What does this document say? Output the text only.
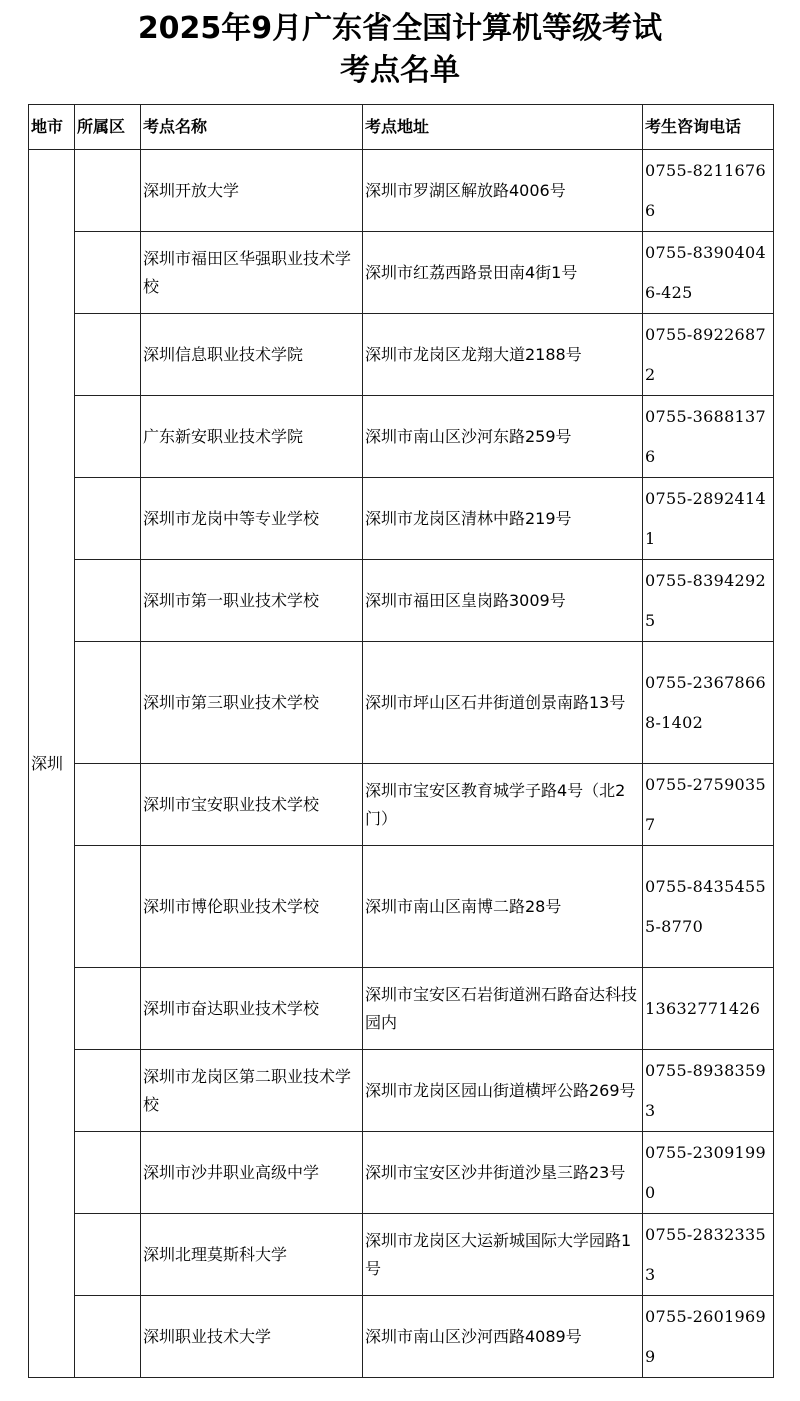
2025年9月广东省全国计算机等级考试
考点名单
地市	所属区	考点名称	考点地址	考生咨询电话
深圳		深圳开放大学	深圳市罗湖区解放路4006号	0755-82116766
		深圳市福田区华强职业技术学校	深圳市红荔西路景田南4街1号	0755-83904046-425
		深圳信息职业技术学院	深圳市龙岗区龙翔大道2188号	0755-89226872
		广东新安职业技术学院	深圳市南山区沙河东路259号	0755-36881376
		深圳市龙岗中等专业学校	深圳市龙岗区清林中路219号	0755-28924141
		深圳市第一职业技术学校	深圳市福田区皇岗路3009号	0755-83942925
		深圳市第三职业技术学校	深圳市坪山区石井街道创景南路13号	0755-23678668-1402
		深圳市宝安职业技术学校	深圳市宝安区教育城学子路4号（北2门）	0755-27590357
		深圳市博伦职业技术学校	深圳市南山区南博二路28号	0755-84354555-8770
		深圳市奋达职业技术学校	深圳市宝安区石岩街道洲石路奋达科技园内	13632771426
		深圳市龙岗区第二职业技术学校	深圳市龙岗区园山街道横坪公路269号	0755-89383593
		深圳市沙井职业高级中学	深圳市宝安区沙井街道沙垦三路23号	0755-23091990
		深圳北理莫斯科大学	深圳市龙岗区大运新城国际大学园路1号	0755-28323353
		深圳职业技术大学	深圳市南山区沙河西路4089号	0755-26019699
